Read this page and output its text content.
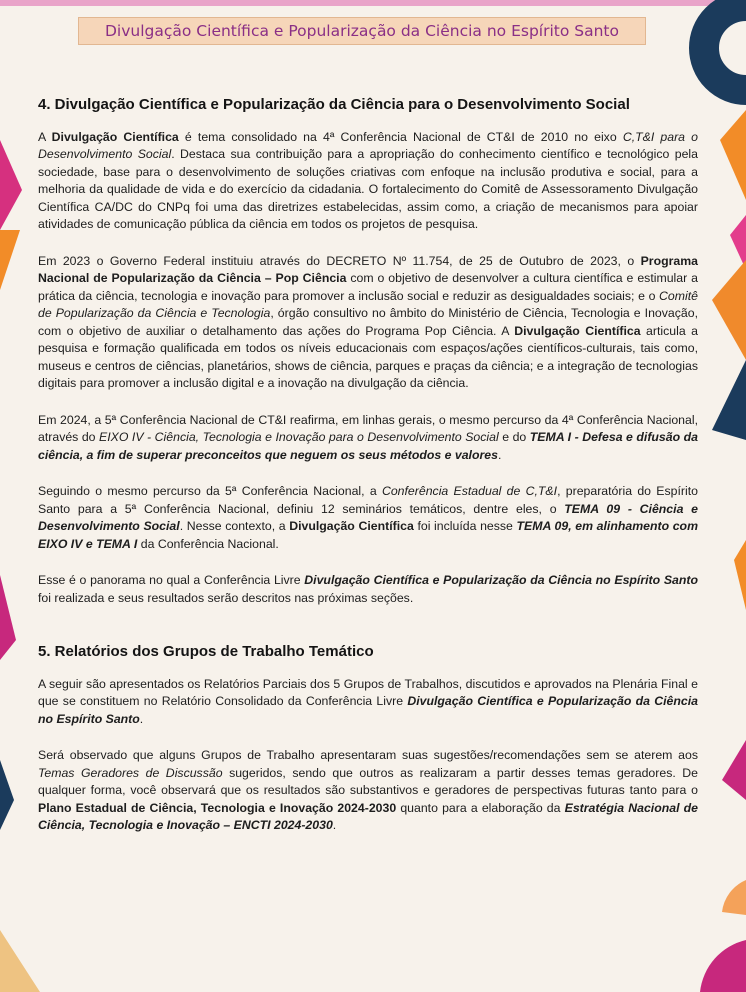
Divulgação Científica e Popularização da Ciência no Espírito Santo
4. Divulgação Científica e Popularização da Ciência para o Desenvolvimento Social

A Divulgação Científica é tema consolidado na 4ª Conferência Nacional de CT&I de 2010 no eixo C,T&I para o Desenvolvimento Social. Destaca sua contribuição para a apropriação do conhecimento científico e tecnológico pela sociedade, base para o desenvolvimento de soluções criativas com enfoque na inclusão produtiva e social, para a melhoria da qualidade de vida e do exercício da cidadania. O fortalecimento do Comitê de Assessoramento Divulgação Científica CA/DC do CNPq foi uma das diretrizes estabelecidas, assim como, a criação de mecanismos para apoiar atividades de comunicação pública da ciência em todos os projetos de pesquisa.

Em 2023 o Governo Federal instituiu através do DECRETO Nº 11.754, de 25 de Outubro de 2023, o Programa Nacional de Popularização da Ciência – Pop Ciência com o objetivo de desenvolver a cultura científica e estimular a prática da ciência, tecnologia e inovação para promover a inclusão social e reduzir as desigualdades sociais; e o Comitê de Popularização da Ciência e Tecnologia, órgão consultivo no âmbito do Ministério de Ciência, Tecnologia e Inovação, com o objetivo de auxiliar o detalhamento das ações do Programa Pop Ciência. A Divulgação Científica articula a pesquisa e formação qualificada em todos os níveis educacionais com espaços/ações científicos-culturais, tais como, museus e centros de ciências, planetários, shows de ciência, parques e praças da ciência; e a integração de tecnologias digitais para promover a inclusão digital e a inovação na divulgação da ciência.

Em 2024, a 5ª Conferência Nacional de CT&I reafirma, em linhas gerais, o mesmo percurso da 4ª Conferência Nacional, através do EIXO IV - Ciência, Tecnologia e Inovação para o Desenvolvimento Social e do TEMA I - Defesa e difusão da ciência, a fim de superar preconceitos que neguem os seus métodos e valores.

Seguindo o mesmo percurso da 5ª Conferência Nacional, a Conferência Estadual de C,T&I, preparatória do Espírito Santo para a 5ª Conferência Nacional, definiu 12 seminários temáticos, dentre eles, o TEMA 09 - Ciência e Desenvolvimento Social. Nesse contexto, a Divulgação Científica foi incluída nesse TEMA 09, em alinhamento com EIXO IV e TEMA I da Conferência Nacional.

Esse é o panorama no qual a Conferência Livre Divulgação Científica e Popularização da Ciência no Espírito Santo foi realizada e seus resultados serão descritos nas próximas seções.

5. Relatórios dos Grupos de Trabalho Temático

A seguir são apresentados os Relatórios Parciais dos 5 Grupos de Trabalhos, discutidos e aprovados na Plenária Final e que se constituem no Relatório Consolidado da Conferência Livre Divulgação Científica e Popularização da Ciência no Espírito Santo.

Será observado que alguns Grupos de Trabalho apresentaram suas sugestões/recomendações sem se aterem aos Temas Geradores de Discussão sugeridos, sendo que outros as realizaram a partir desses temas geradores. De qualquer forma, você observará que os resultados são substantivos e geradores de perspectivas futuras tanto para o Plano Estadual de Ciência, Tecnologia e Inovação 2024-2030 quanto para a elaboração da Estratégia Nacional de Ciência, Tecnologia e Inovação – ENCTI 2024-2030.
